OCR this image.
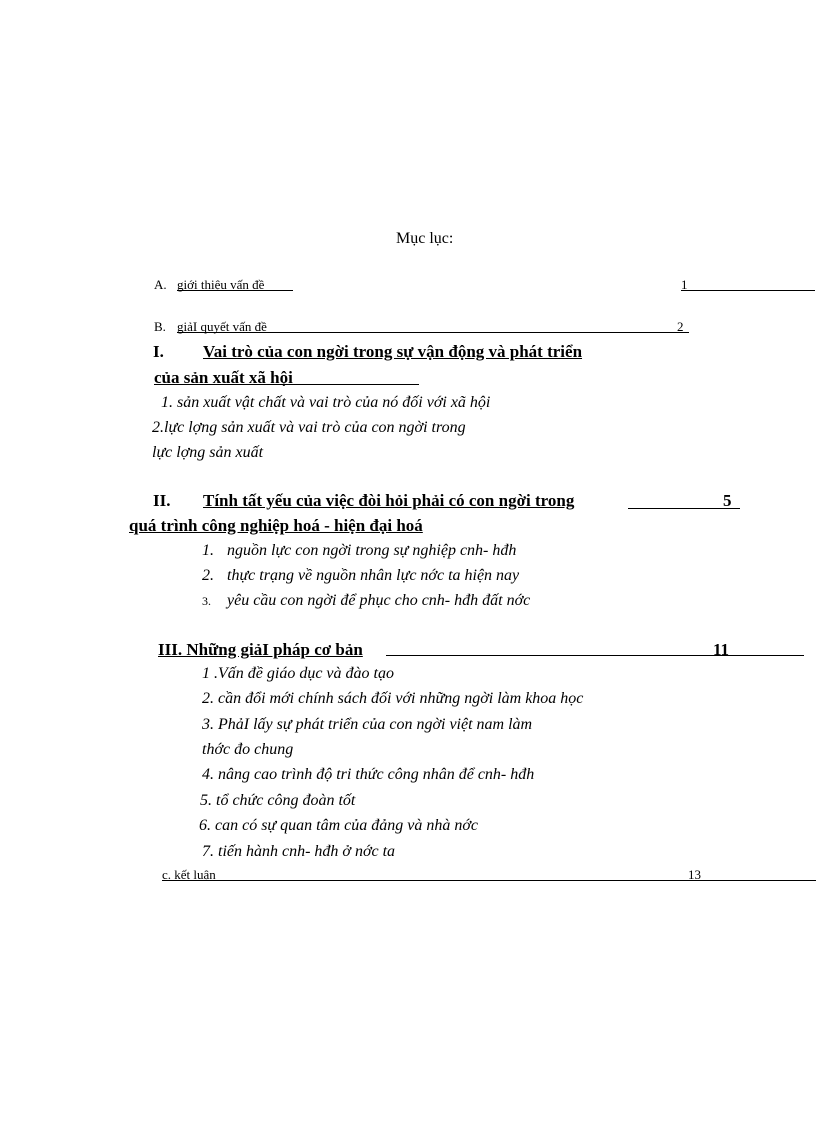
Mục lục:
A. giới thiệu vấn đề	1
B. giảI quyết vấn đề	2
I. Vai trò của con ngời trong sự vận động và phát triển
của sản xuất xã hội
1. sản xuất vật chất và vai trò của nó đối với xã hội
2.lực lợng sản xuất và vai trò của con ngời trong
lực lợng sản xuất
II. Tính tất yếu của việc đòi hỏi phải có con ngời trong	5
quá trình công nghiệp hoá - hiện đại hoá
1. nguồn lực con ngời trong sự nghiệp cnh- hđh
2. thực trạng về nguồn nhân lực nớc ta hiện nay
3. yêu cầu con ngời để phục cho cnh- hđh đất nớc
III. Những giảI pháp cơ bản	11
1 .Vấn đề giáo dục và đào tạo
2. cần đổi mới chính sách đối với những ngời làm khoa học
3. PhảI lấy sự phát triển của con ngời việt nam làm
thớc đo chung
4. nâng cao trình độ tri thức công nhân để cnh- hđh
5. tổ chức công đoàn tốt
6. can có sự quan tâm của đảng và nhà nớc
7. tiến hành cnh- hđh ở nớc ta
c. kết luận	13
